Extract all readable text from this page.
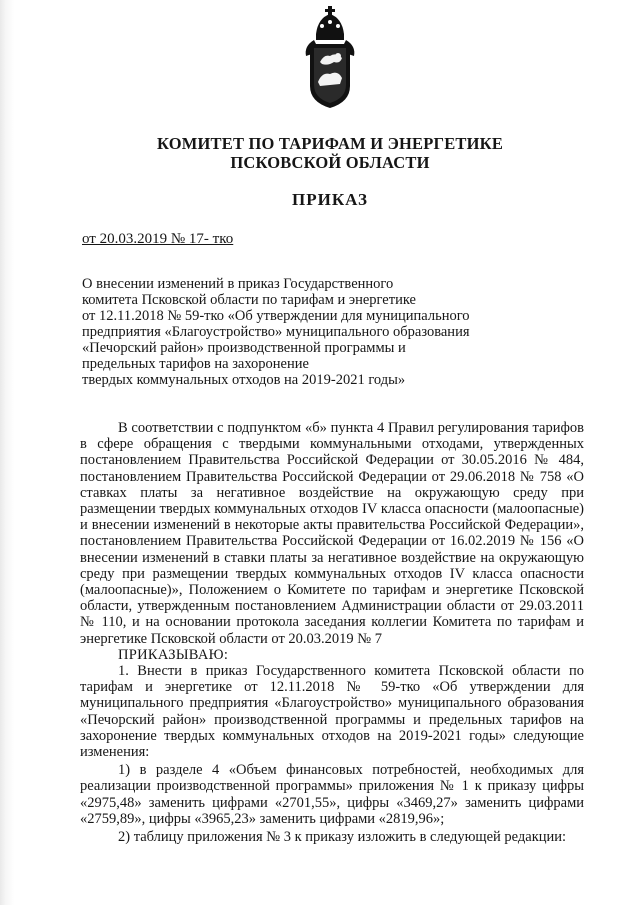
КОМИТЕТ ПО ТАРИФАМ И ЭНЕРГЕТИКЕ
ПСКОВСКОЙ ОБЛАСТИ
ПРИКАЗ
от 20.03.2019 № 17- тко
О внесении изменений в приказ Государственного
комитета Псковской области по тарифам и энергетике
от 12.11.2018 № 59-тко «Об утверждении для муниципального
предприятия «Благоустройство» муниципального образования
«Печорский район» производственной программы и
предельных тарифов на захоронение
твердых коммунальных отходов на 2019-2021 годы»

В соответствии с подпунктом «б» пункта 4 Правил регулирования тарифов в сфере обращения с твердыми коммунальными отходами, утвержденных постановлением Правительства Российской Федерации от 30.05.2016 № 484, постановлением Правительства Российской Федерации от 29.06.2018 № 758 «О ставках платы за негативное воздействие на окружающую среду при размещении твердых коммунальных отходов IV класса опасности (малоопасные) и внесении изменений в некоторые акты правительства Российской Федерации», постановлением Правительства Российской Федерации от 16.02.2019 № 156 «О внесении изменений в ставки платы за негативное воздействие на окружающую среду при размещении твердых коммунальных отходов IV класса опасности (малоопасные)», Положением о Комитете по тарифам и энергетике Псковской области, утвержденным постановлением Администрации области от 29.03.2011 № 110, и на основании протокола заседания коллегии Комитета по тарифам и энергетике Псковской области от 20.03.2019 № 7

ПРИКАЗЫВАЮ:

1. Внести в приказ Государственного комитета Псковской области по тарифам и энергетике от 12.11.2018 № 59-тко «Об утверждении для муниципального предприятия «Благоустройство» муниципального образования «Печорский район» производственной программы и предельных тарифов на захоронение твердых коммунальных отходов на 2019-2021 годы» следующие изменения:

1) в разделе 4 «Объем финансовых потребностей, необходимых для реализации производственной программы» приложения № 1 к приказу цифры «2975,48» заменить цифрами «2701,55», цифры «3469,27» заменить цифрами «2759,89», цифры «3965,23» заменить цифрами «2819,96»;

2) таблицу приложения № 3 к приказу изложить в следующей редакции:
